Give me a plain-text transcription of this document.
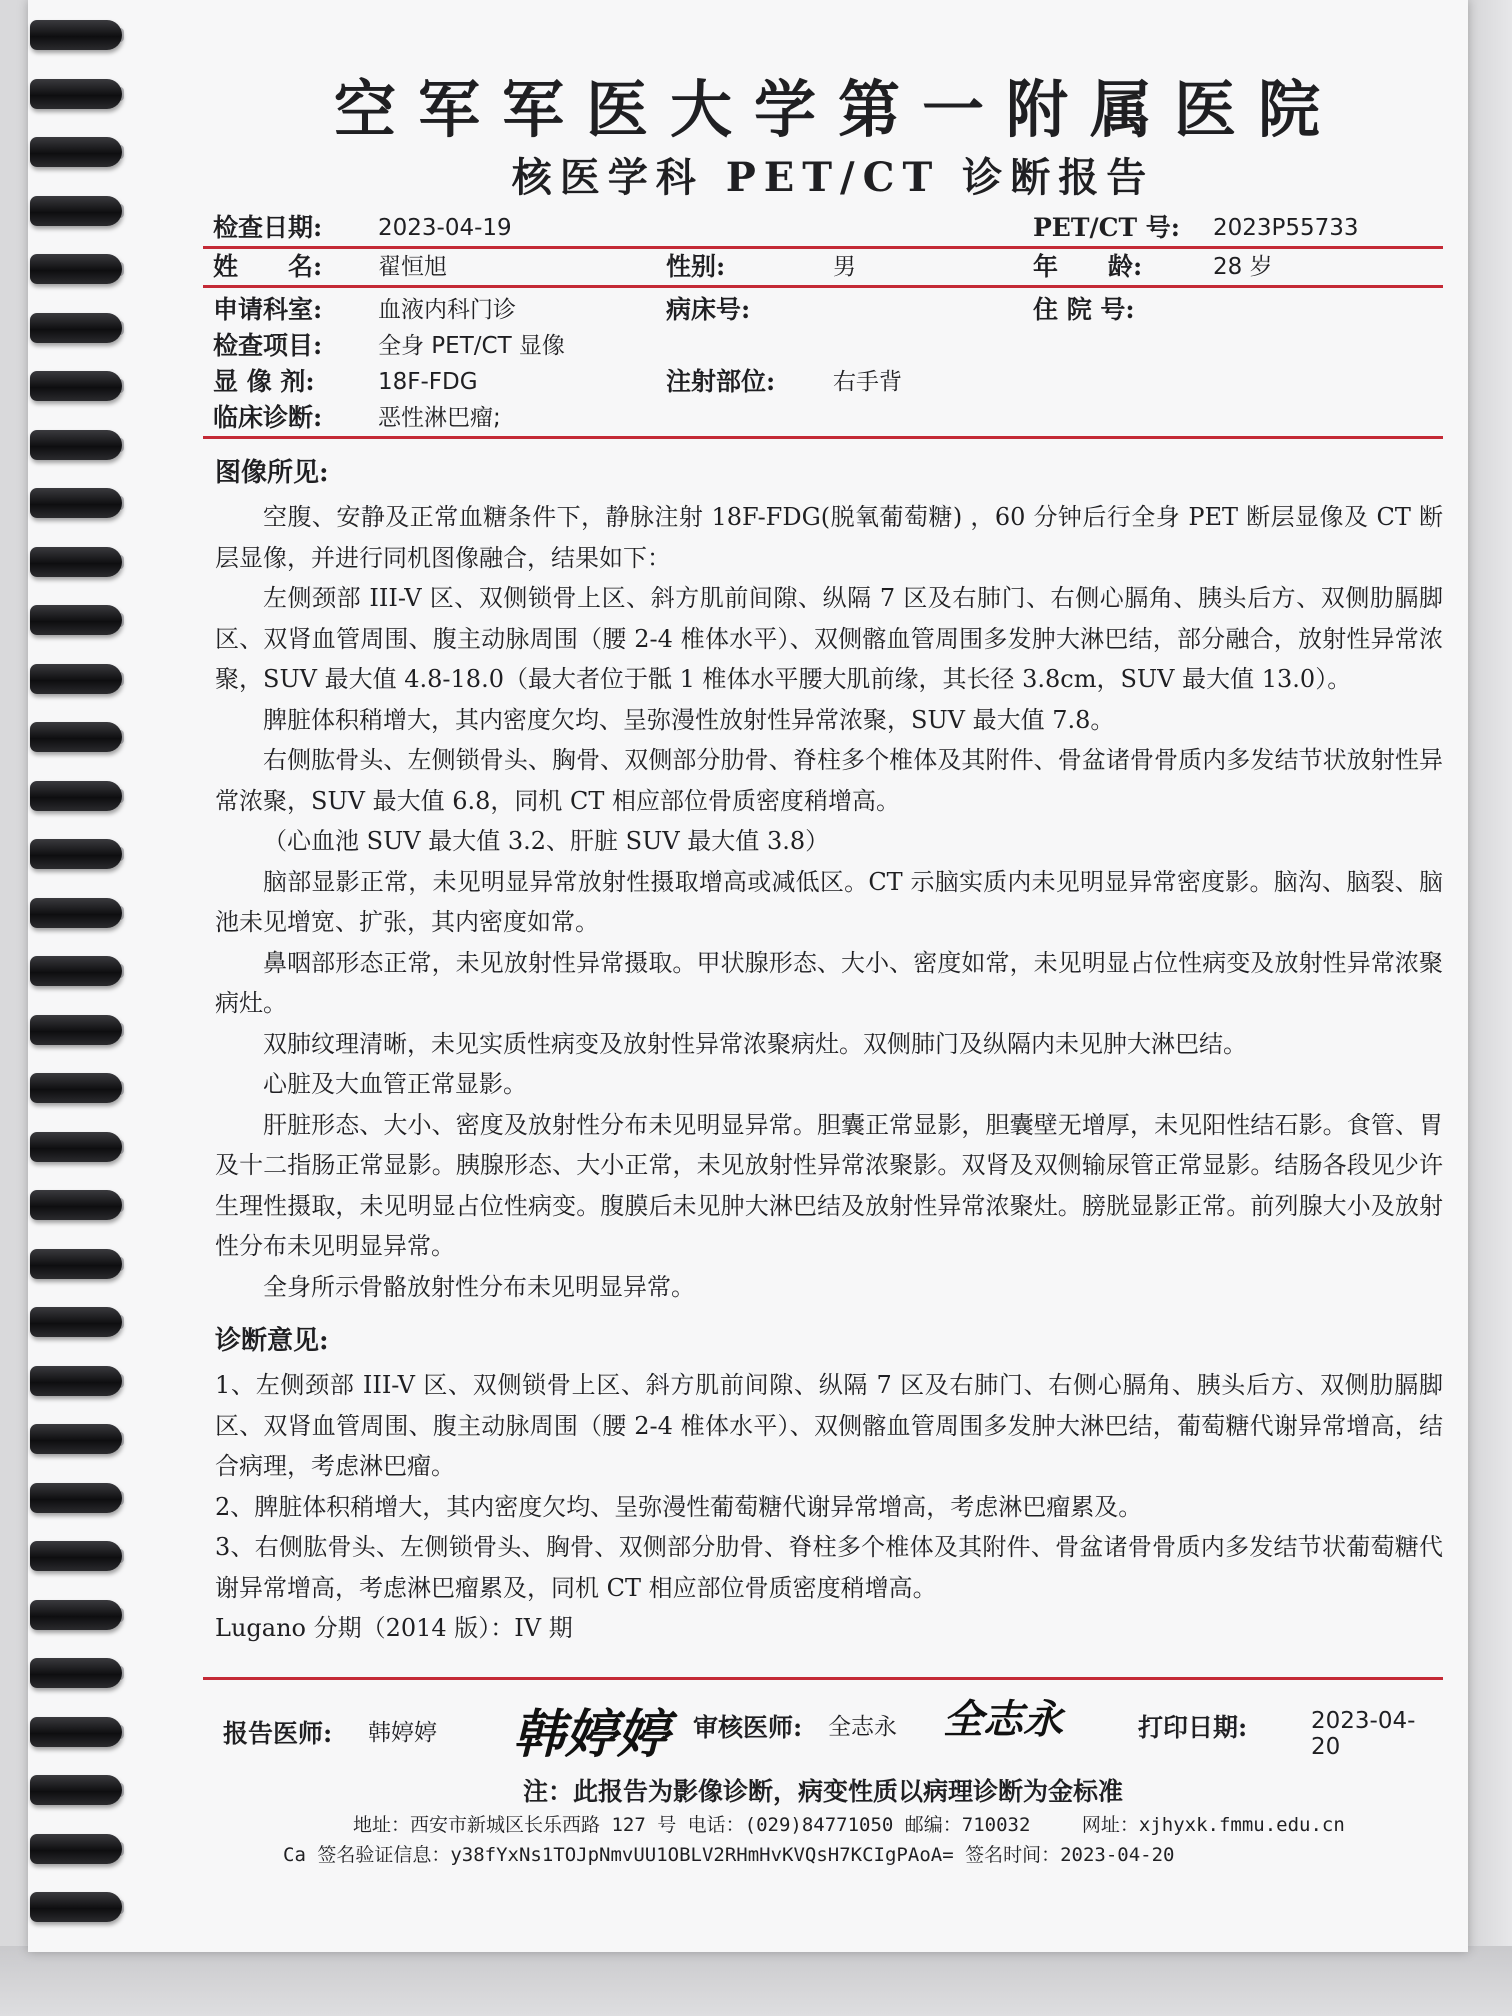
空军军医大学第一附属医院
核医学科 PET/CT 诊断报告
检查日期: 2023-04-19	PET/CT 号: 2023P55733
姓　　名: 翟恒旭	性别:	男	年　　龄:	28 岁
申请科室: 血液内科门诊	病床号:	住 院 号:
检查项目: 全身 PET/CT 显像
显 像 剂:	18F-FDG	注射部位:	右手背
临床诊断: 恶性淋巴瘤;
图像所见:

空腹、安静及正常血糖条件下，静脉注射 18F-FDG(脱氧葡萄糖) ，60 分钟后行全身 PET 断层显像及 CT 断层显像，并进行同机图像融合，结果如下：

左侧颈部 III-V 区、双侧锁骨上区、斜方肌前间隙、纵隔 7 区及右肺门、右侧心膈角、胰头后方、双侧肋膈脚区、双肾血管周围、腹主动脉周围（腰 2-4 椎体水平）、双侧髂血管周围多发肿大淋巴结，部分融合，放射性异常浓聚，SUV 最大值 4.8-18.0（最大者位于骶 1 椎体水平腰大肌前缘，其长径 3.8cm，SUV 最大值 13.0）。

脾脏体积稍增大，其内密度欠均、呈弥漫性放射性异常浓聚，SUV 最大值 7.8。

右侧肱骨头、左侧锁骨头、胸骨、双侧部分肋骨、脊柱多个椎体及其附件、骨盆诸骨骨质内多发结节状放射性异常浓聚，SUV 最大值 6.8，同机 CT 相应部位骨质密度稍增高。

（心血池 SUV 最大值 3.2、肝脏 SUV 最大值 3.8）

脑部显影正常，未见明显异常放射性摄取增高或减低区。CT 示脑实质内未见明显异常密度影。脑沟、脑裂、脑池未见增宽、扩张，其内密度如常。

鼻咽部形态正常，未见放射性异常摄取。甲状腺形态、大小、密度如常，未见明显占位性病变及放射性异常浓聚病灶。

双肺纹理清晰，未见实质性病变及放射性异常浓聚病灶。双侧肺门及纵隔内未见肿大淋巴结。

心脏及大血管正常显影。

肝脏形态、大小、密度及放射性分布未见明显异常。胆囊正常显影，胆囊壁无增厚，未见阳性结石影。食管、胃及十二指肠正常显影。胰腺形态、大小正常，未见放射性异常浓聚影。双肾及双侧输尿管正常显影。结肠各段见少许生理性摄取，未见明显占位性病变。腹膜后未见肿大淋巴结及放射性异常浓聚灶。膀胱显影正常。前列腺大小及放射性分布未见明显异常。

全身所示骨骼放射性分布未见明显异常。

诊断意见:

1、左侧颈部 III-V 区、双侧锁骨上区、斜方肌前间隙、纵隔 7 区及右肺门、右侧心膈角、胰头后方、双侧肋膈脚区、双肾血管周围、腹主动脉周围（腰 2-4 椎体水平）、双侧髂血管周围多发肿大淋巴结，葡萄糖代谢异常增高，结合病理，考虑淋巴瘤。

2、脾脏体积稍增大，其内密度欠均、呈弥漫性葡萄糖代谢异常增高，考虑淋巴瘤累及。

3、右侧肱骨头、左侧锁骨头、胸骨、双侧部分肋骨、脊柱多个椎体及其附件、骨盆诸骨骨质内多发结节状葡萄糖代谢异常增高，考虑淋巴瘤累及，同机 CT 相应部位骨质密度稍增高。

Lugano 分期（2014 版）：IV 期

报告医师: 韩婷婷 韩婷婷 审核医师: 全志永 全志永	打印日期:	2023-04-20
注：此报告为影像诊断，病变性质以病理诊断为金标准
地址：西安市新城区长乐西路 127 号 电话：(029)84771050 邮编：710032	网址：xjhyxk.fmmu.edu.cn
Ca 签名验证信息：y38fYxNs1TOJpNmvUU1OBLV2RHmHvKVQsH7KCIgPAoA= 签名时间：2023-04-20
